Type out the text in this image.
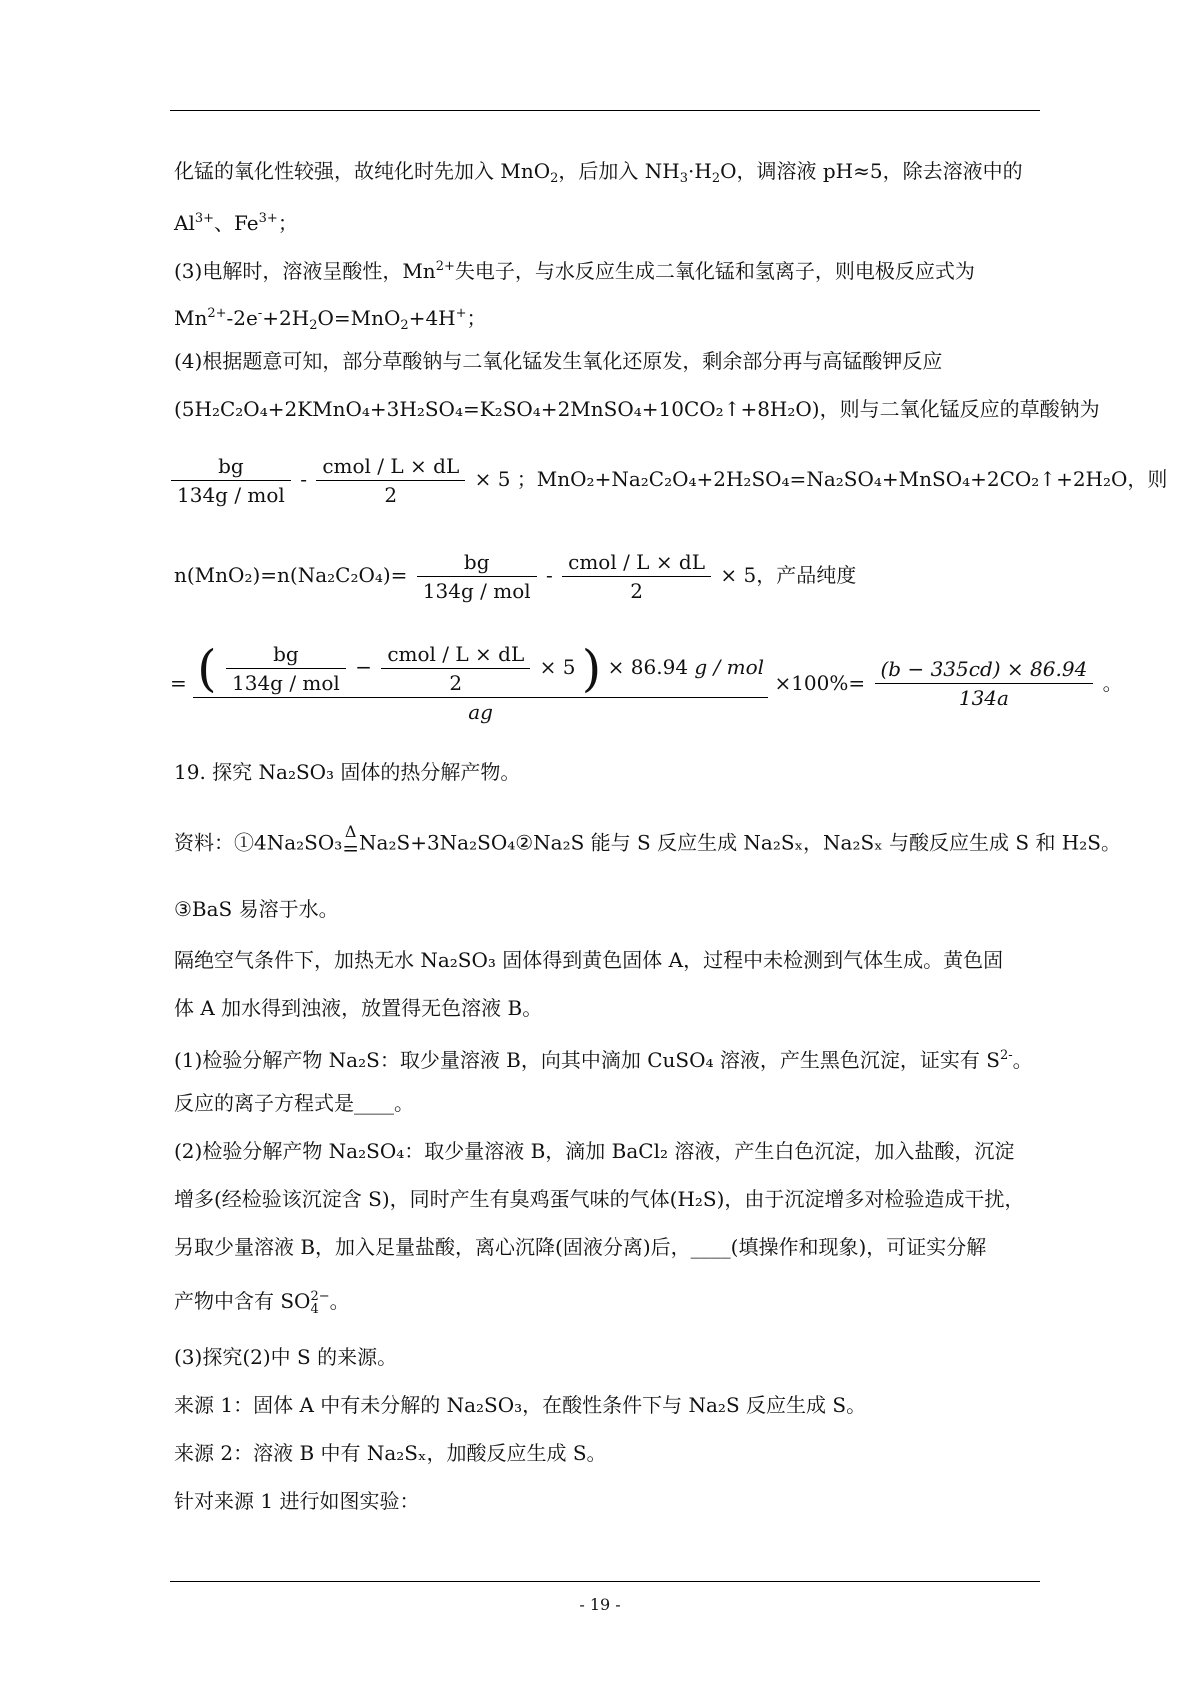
化锰的氧化性较强，故纯化时先加入 MnO$_2$，后加入 $NH_3\cdot H_2O$，调溶液 pH≈5，除去溶液中的
$Al^{3+}$、$Fe^{3+}$；
(3)电解时，溶液呈酸性，$Mn^{2+}$失电子，与水反应生成二氧化锰和氢离子，则电极反应式为
$Mn^{2+}-2e^-+2H_2O=MnO_2+4H^+$；
(4)根据题意可知，部分草酸钠与二氧化锰发生氧化还原发，剩余部分再与高锰酸钾反应
(5H₂C₂O₄+2KMnO₄+3H₂SO₄=K₂SO₄+2MnSO₄+10CO₂↑+8H₂O)，则与二氧化锰反应的草酸钠为
$\frac{bg}{\text{134g / mol}} - \frac{\text{cmol / L × dL}}{2} \times 5$ ；MnO₂+Na₂C₂O₄+2H₂SO₄=Na₂SO₄+MnSO₄+2CO₂↑+2H₂O，则
$n(MnO_2)=n(Na_2C_2O_4)= \frac{bg}{\text{134g / mol}} - \frac{\text{cmol / L × dL}}{2} \times 5$，产品纯度
= ( $\frac{bg}{\text{134g / mol}} - \frac{\text{cmol / L × dL}}{2} \times 5$ ) × 86.94 g / mol
ag
$\times 100\%= \frac{(b - 335cd) \times 86.94}{134a}$ 。
19. 探究 Na₂SO₃ 固体的热分解产物。
资料：①4Na₂SO₃ Δ
= Na₂S+3Na₂SO₄②Na₂S 能与 S 反应生成 Na₂Sₓ，Na₂Sₓ 与酸反应生成 S 和 H₂S。
③BaS 易溶于水。
隔绝空气条件下，加热无水 Na₂SO₃ 固体得到黄色固体 A，过程中未检测到气体生成。黄色固
体 A 加水得到浊液，放置得无色溶液 B。
(1)检验分解产物 Na₂S：取少量溶液 B，向其中滴加 CuSO₄ 溶液，产生黑色沉淀，证实有 $S^{2-}$。
反应的离子方程式是____。
(2)检验分解产物 Na₂SO₄：取少量溶液 B，滴加 BaCl₂ 溶液，产生白色沉淀，加入盐酸，沉淀
增多(经检验该沉淀含 S)，同时产生有臭鸡蛋气味的气体(H₂S)，由于沉淀增多对检验造成干扰，
另取少量溶液 B，加入足量盐酸，离心沉降(固液分离)后，____(填操作和现象)，可证实分解
产物中含有 SO 2−
4 。
(3)探究(2)中 S 的来源。
来源 1：固体 A 中有未分解的 Na₂SO₃，在酸性条件下与 Na₂S 反应生成 S。
来源 2：溶液 B 中有 Na₂Sₓ，加酸反应生成 S。
针对来源 1 进行如图实验：
- 19 -
